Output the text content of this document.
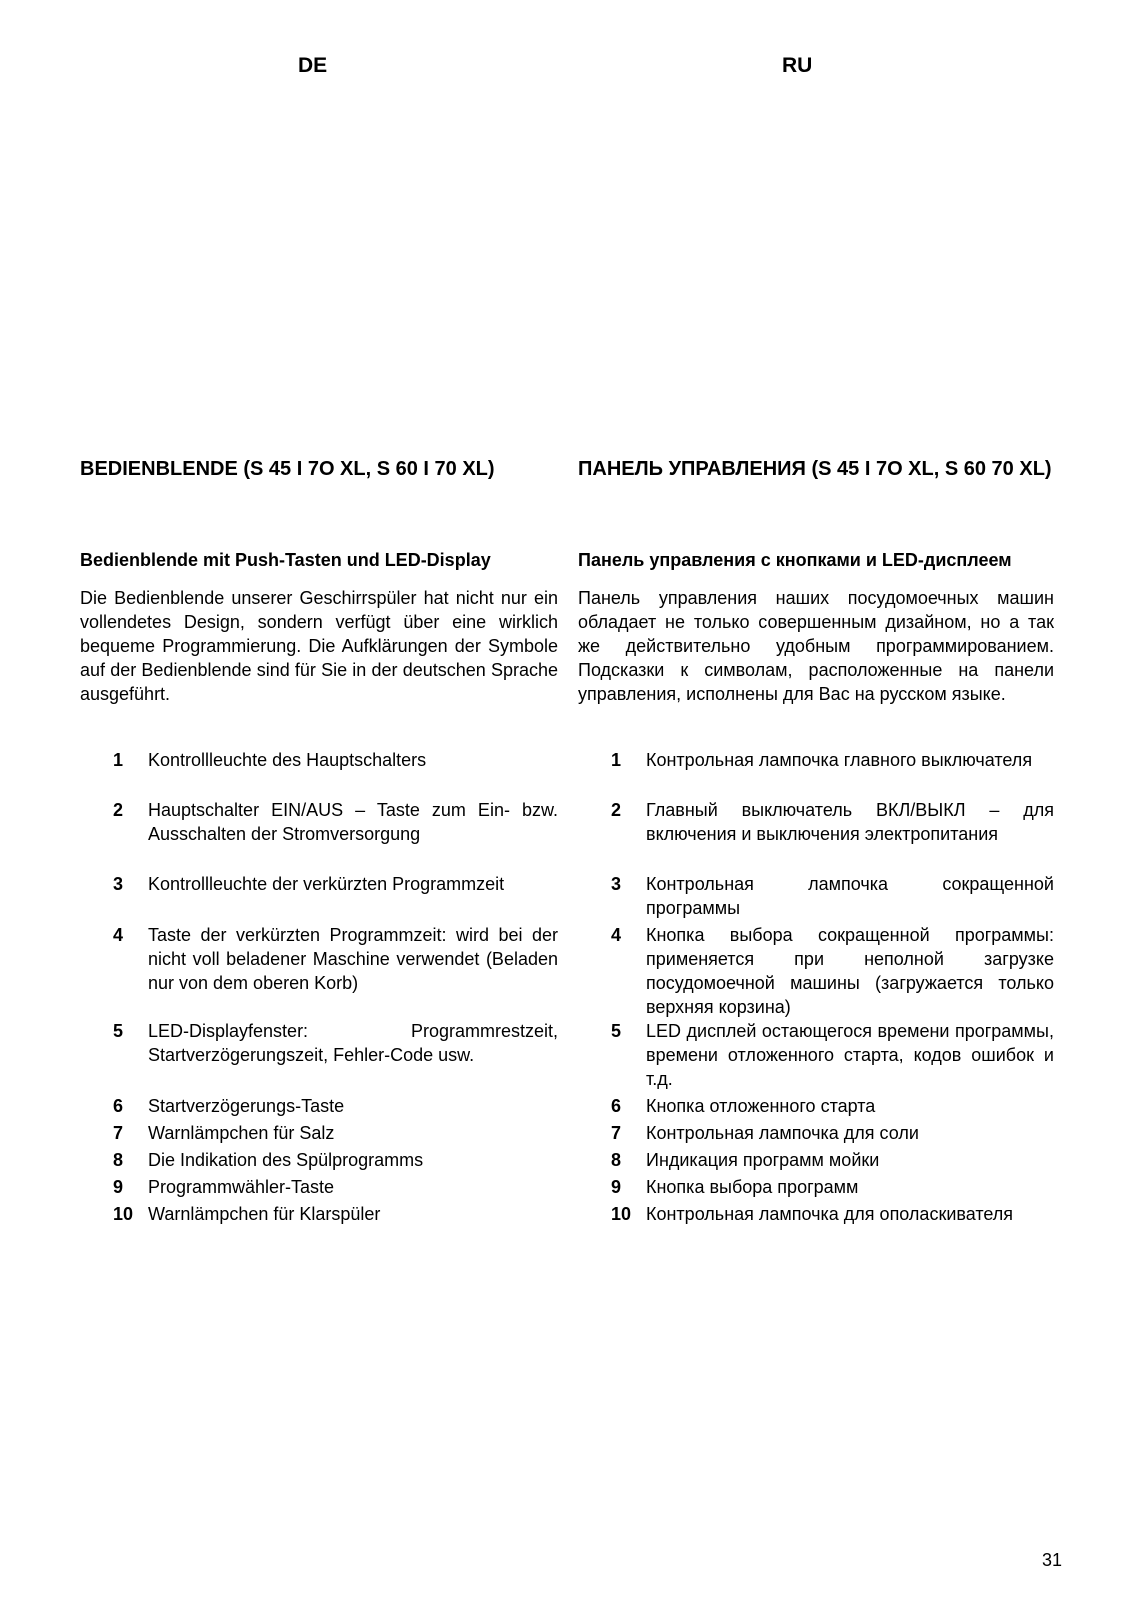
DE	RU
BEDIENBLENDE (S 45 I 7O XL, S 60 I 70 XL)

Bedienblende mit Push-Tasten und LED-Display

Die Bedienblende unserer Geschirrspüler hat nicht nur ein vollendetes Design, sondern verfügt über eine wirklich bequeme Programmierung. Die Aufklärungen der Symbole auf der Bedienblende sind für Sie in der deutschen Sprache ausgeführt.

1 Kontrollleuchte des Hauptschalters
2 Hauptschalter EIN/AUS – Taste zum Ein- bzw. Ausschalten der Stromversorgung
3 Kontrollleuchte der verkürzten Programmzeit
4 Taste der verkürzten Programmzeit: wird bei der nicht voll beladener Maschine verwendet (Beladen nur von dem oberen Korb)
5 LED-Displayfenster: Programmrestzeit, Startverzögerungszeit, Fehler-Code usw.
6 Startverzögerungs-Taste
7 Warnlämpchen für Salz
8 Die Indikation des Spülprogramms
9 Programmwähler-Taste
10 Warnlämpchen für Klarspüler
ПАНЕЛЬ УПРАВЛЕНИЯ (S 45 I 7O XL, S 60 70 XL)

Панель управления с кнопками и LED-дисплеем

Панель управления наших посудомоечных машин обладает не только совершенным дизайном, но а так же действительно удобным программированием. Подсказки к символам, расположенные на панели управления, исполнены для Вас на русском языке.

1 Контрольная лампочка главного выключателя
2 Главный выключатель ВКЛ/ВЫКЛ – для включения и выключения электропитания
3 Контрольная лампочка сокращенной программы
4 Кнопка выбора сокращенной программы: применяется при неполной загрузке посудомоечной машины (загружается только верхняя корзина)
5 LED дисплей остающегося времени программы, времени отложенного старта, кодов ошибок и т.д.
6 Кнопка отложенного старта
7 Контрольная лампочка для соли
8 Индикация программ мойки
9 Кнопка выбора программ
10 Контрольная лампочка для ополаскивателя
31
